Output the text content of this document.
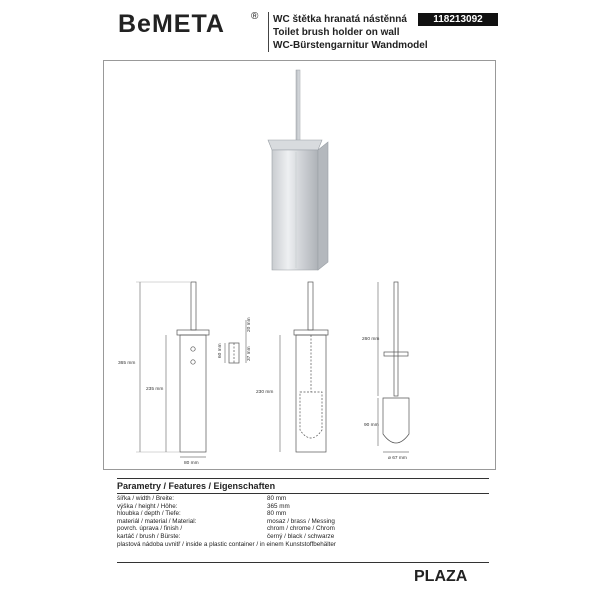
BeMETA	® WC štětka hranatá nástěnná
Toilet brush holder on wall
WC-Bürstengarnitur Wandmodel
118213092
365 mm
235 mm
80 mm
60 mm
20 mm
37 mm
230 mm
260 mm
90 mm
ø 67 mm
Parametry / Features / Eigenschaften
šířka / width / Breite:	80 mm
výška / height / Höhe:	365 mm
hloubka / depth / Tiefe:	80 mm
materiál / material / Material:	mosaz / brass / Messing
povrch. úprava / finish /	chrom / chrome / Chrom
kartáč / brush / Bürste:	černý / black / schwarze
plastová nádoba uvnitř / inside a plastic container / in einem Kunststoffbehälter	
PLAZA
